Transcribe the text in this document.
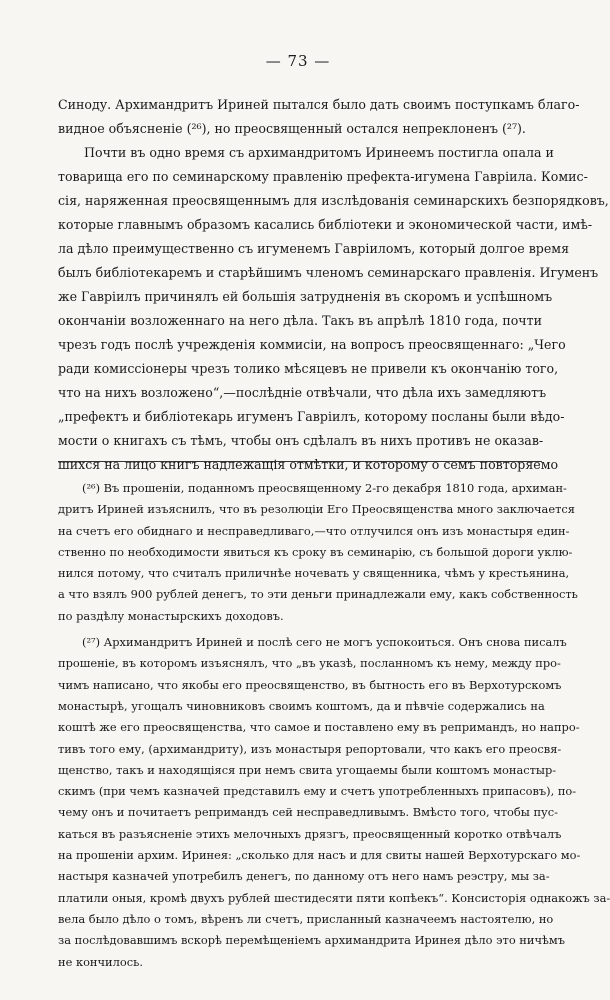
— 73 —
Синоду. Архимандритъ Ириней пытался было дать своимъ поступкамъ благо-
видное объясненіе (²⁶), но преосвященный остался непреклоненъ (²⁷).
Почти въ одно время съ архимандритомъ Иринеемъ постигла опала и
товарища его по семинарскому правленію префекта-игумена Гавріила. Комис-
сія, наряженная преосвященнымъ для изслѣдованія семинарскихъ безпорядковъ,
которые главнымъ образомъ касались библіотеки и экономической части, имѣ-
ла дѣло преимущественно съ игуменемъ Гавріиломъ, который долгое время
былъ библіотекаремъ и старѣйшимъ членомъ семинарскаго правленія. Игуменъ
же Гавріилъ причинялъ ей большія затрудненія въ скоромъ и успѣшномъ
окончаніи возложеннаго на него дѣла. Такъ въ апрѣлѣ 1810 года, почти
чрезъ годъ послѣ учрежденія коммисіи, на вопросъ преосвященнаго: „Чего
ради комиссіонеры чрезъ толико мѣсяцевъ не привели къ окончанію того,
что на нихъ возложено“,—послѣдніе отвѣчали, что дѣла ихъ замедляютъ
„префектъ и библіотекарь игуменъ Гавріилъ, которому посланы были вѣдо-
мости о книгахъ съ тѣмъ, чтобы онъ сдѣлалъ въ нихъ противъ не оказав-
шихся на лицо книгъ надлежащія отмѣтки, и которому о семъ повторяемо
(²⁶) Въ прошеніи, поданномъ преосвященному 2-го декабря 1810 года, архиман-
дритъ Ириней изъяснилъ, что въ резолюціи Его Преосвященства много заключается
на счетъ его обиднаго и несправедливаго,—что отлучился онъ изъ монастыря един-
ственно по необходимости явиться къ сроку въ семинарію, съ большой дороги уклю-
нился потому, что считалъ приличнѣе ночевать у священника, чѣмъ у крестьянина,
а что взялъ 900 рублей денегъ, то эти деньги принадлежали ему, какъ собственность
по раздѣлу монастырскихъ доходовъ.
(²⁷) Архимандритъ Ириней и послѣ сего не могъ успокоиться. Онъ снова писалъ
прошеніе, въ которомъ изъяснялъ, что „въ указѣ, посланномъ къ нему, между про-
чимъ написано, что якобы его преосвященство, въ бытность его въ Верхотурскомъ
монастырѣ, угощалъ чиновниковъ своимъ коштомъ, да и пѣвчіе содержались на
коштѣ же его преосвященства, что самое и поставлено ему въ репримандъ, но напро-
тивъ того ему, (архимандриту), изъ монастыря репортовали, что какъ его преосвя-
щенство, такъ и находящіяся при немъ свита угощаемы были коштомъ монастыр-
скимъ (при чемъ казначей представилъ ему и счетъ употребленныхъ припасовъ), по-
чему онъ и почитаетъ репримандъ сей несправедливымъ. Вмѣсто того, чтобы пус-
каться въ разъясненіе этихъ мелочныхъ дрязгъ, преосвященный коротко отвѣчалъ
на прошеніи архим. Иринея: „сколько для насъ и для свиты нашей Верхотурскаго мо-
настыря казначей употребилъ денегъ, по данному отъ него намъ реэстру, мы за-
платили оныя, кромѣ двухъ рублей шестидесяти пяти копѣекъ“. Консисторія однакожъ за-
вела было дѣло о томъ, вѣренъ ли счетъ, присланный казначеемъ настоятелю, но
за послѣдовавшимъ вскорѣ перемѣщеніемъ архимандрита Иринея дѣло это ничѣмъ
не кончилось.
